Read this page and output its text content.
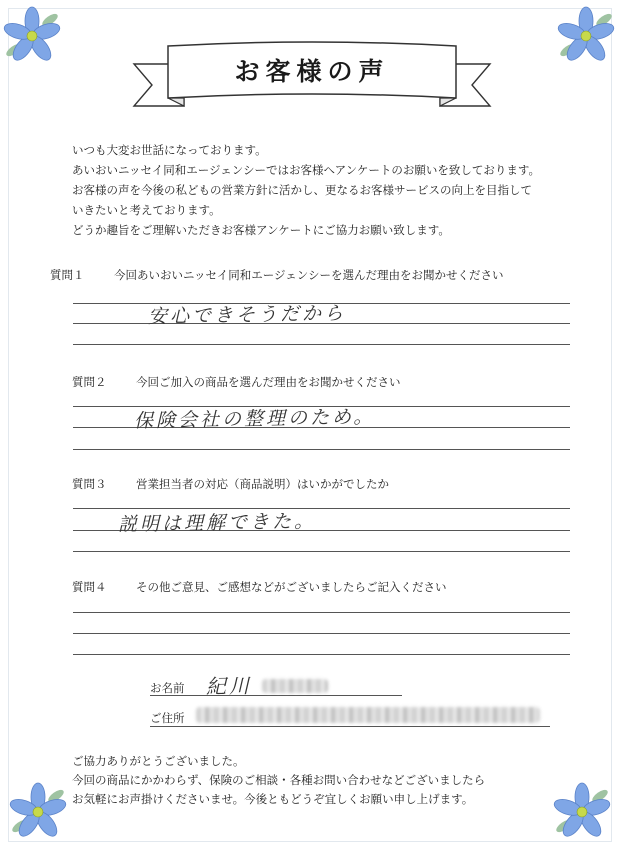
お客様の声
いつも大変お世話になっております。
あいおいニッセイ同和エージェンシーではお客様へアンケートのお願いを致しております。
お客様の声を今後の私どもの営業方針に活かし、更なるお客様サービスの向上を目指して
いきたいと考えております。
どうか趣旨をご理解いただきお客様アンケートにご協力お願い致します。
質問１	今回あいおいニッセイ同和エージェンシーを選んだ理由をお聞かせください
安心できそうだから
質問２	今回ご加入の商品を選んだ理由をお聞かせください
保険会社の整理のため。
質問３	営業担当者の対応（商品説明）はいかがでしたか
説明は理解できた。
質問４	その他ご意見、ご感想などがございましたらご記入ください
お名前 紀川
ご住所
ご協力ありがとうございました。
今回の商品にかかわらず、保険のご相談・各種お問い合わせなどございましたら
お気軽にお声掛けくださいませ。今後ともどうぞ宜しくお願い申し上げます。
